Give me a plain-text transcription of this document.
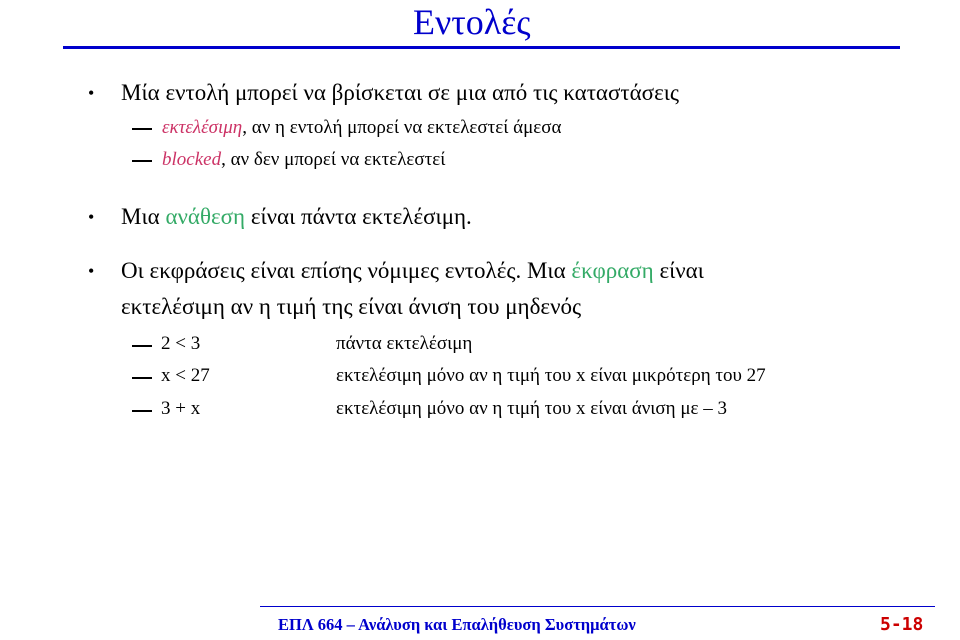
Εντολές
• Μία εντολή μπορεί να βρίσκεται σε μια από τις καταστάσεις
εκτελέσιμη, αν η εντολή μπορεί να εκτελεστεί άμεσα
blocked, αν δεν μπορεί να εκτελεστεί
• Μια ανάθεση είναι πάντα εκτελέσιμη.
• Οι εκφράσεις είναι επίσης νόμιμες εντολές. Μια έκφραση είναι
εκτελέσιμη αν η τιμή της είναι άνιση του μηδενός
2 < 3	πάντα εκτελέσιμη
x < 27	εκτελέσιμη μόνο αν η τιμή του x είναι μικρότερη του 27
3 + x	εκτελέσιμη μόνο αν η τιμή του x είναι άνιση με – 3
ΕΠΛ 664 – Ανάλυση και Επαλήθευση Συστημάτων	5-18
